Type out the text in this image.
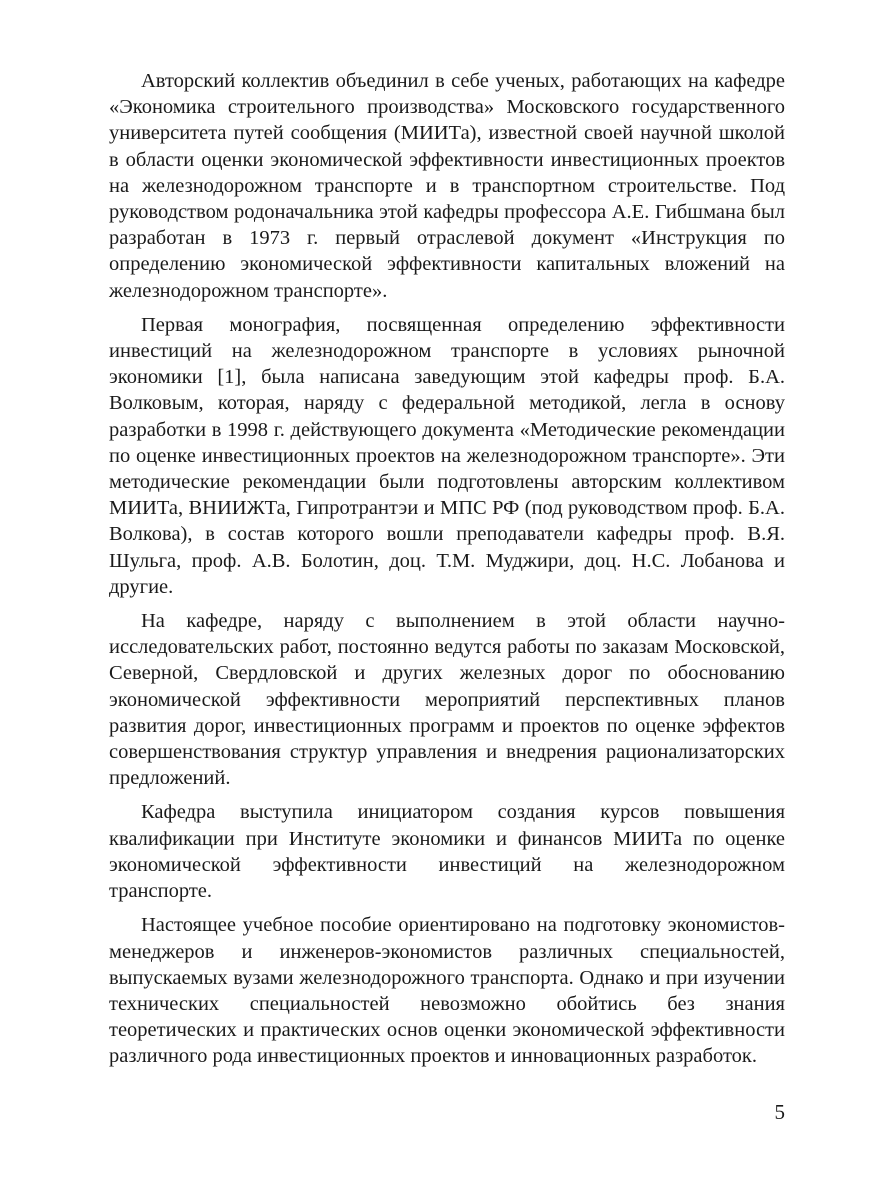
Авторский коллектив объединил в себе ученых, работающих на кафедре «Экономика строительного производства» Московского государственного университета путей сообщения (МИИТа), известной своей научной школой в области оценки экономической эффективности инвестиционных проектов на железнодорожном транспорте и в транспортном строительстве. Под руководством родоначальника этой кафедры профессора А.Е. Гибшмана был разработан в 1973 г. первый отраслевой документ «Инструкция по определению экономической эффективности капитальных вложений на железнодорожном транспорте».

Первая монография, посвященная определению эффективности инвестиций на железнодорожном транспорте в условиях рыночной экономики [1], была написана заведующим этой кафедры проф. Б.А. Волковым, которая, наряду с федеральной методикой, легла в основу разработки в 1998 г. действующего документа «Методические рекомендации по оценке инвестиционных проектов на железнодорожном транспорте». Эти методические рекомендации были подготовлены авторским коллективом МИИТа, ВНИИЖТа, Гипротрантэи и МПС РФ (под руководством проф. Б.А. Волкова), в состав которого вошли преподаватели кафедры проф. В.Я. Шульга, проф. А.В. Болотин, доц. Т.М. Муджири, доц. Н.С. Лобанова и другие.

На кафедре, наряду с выполнением в этой области научно-исследовательских работ, постоянно ведутся работы по заказам Московской, Северной, Свердловской и других железных дорог по обоснованию экономической эффективности мероприятий перспективных планов развития дорог, инвестиционных программ и проектов по оценке эффектов совершенствования структур управления и внедрения рационализаторских предложений.

Кафедра выступила инициатором создания курсов повышения квалификации при Институте экономики и финансов МИИТа по оценке экономической эффективности инвестиций на железнодорожном транспорте.

Настоящее учебное пособие ориентировано на подготовку экономистов-менеджеров и инженеров-экономистов различных специальностей, выпускаемых вузами железнодорожного транспорта. Однако и при изучении технических специальностей невозможно обойтись без знания теоретических и практических основ оценки экономической эффективности различного рода инвестиционных проектов и инновационных разработок.

5
